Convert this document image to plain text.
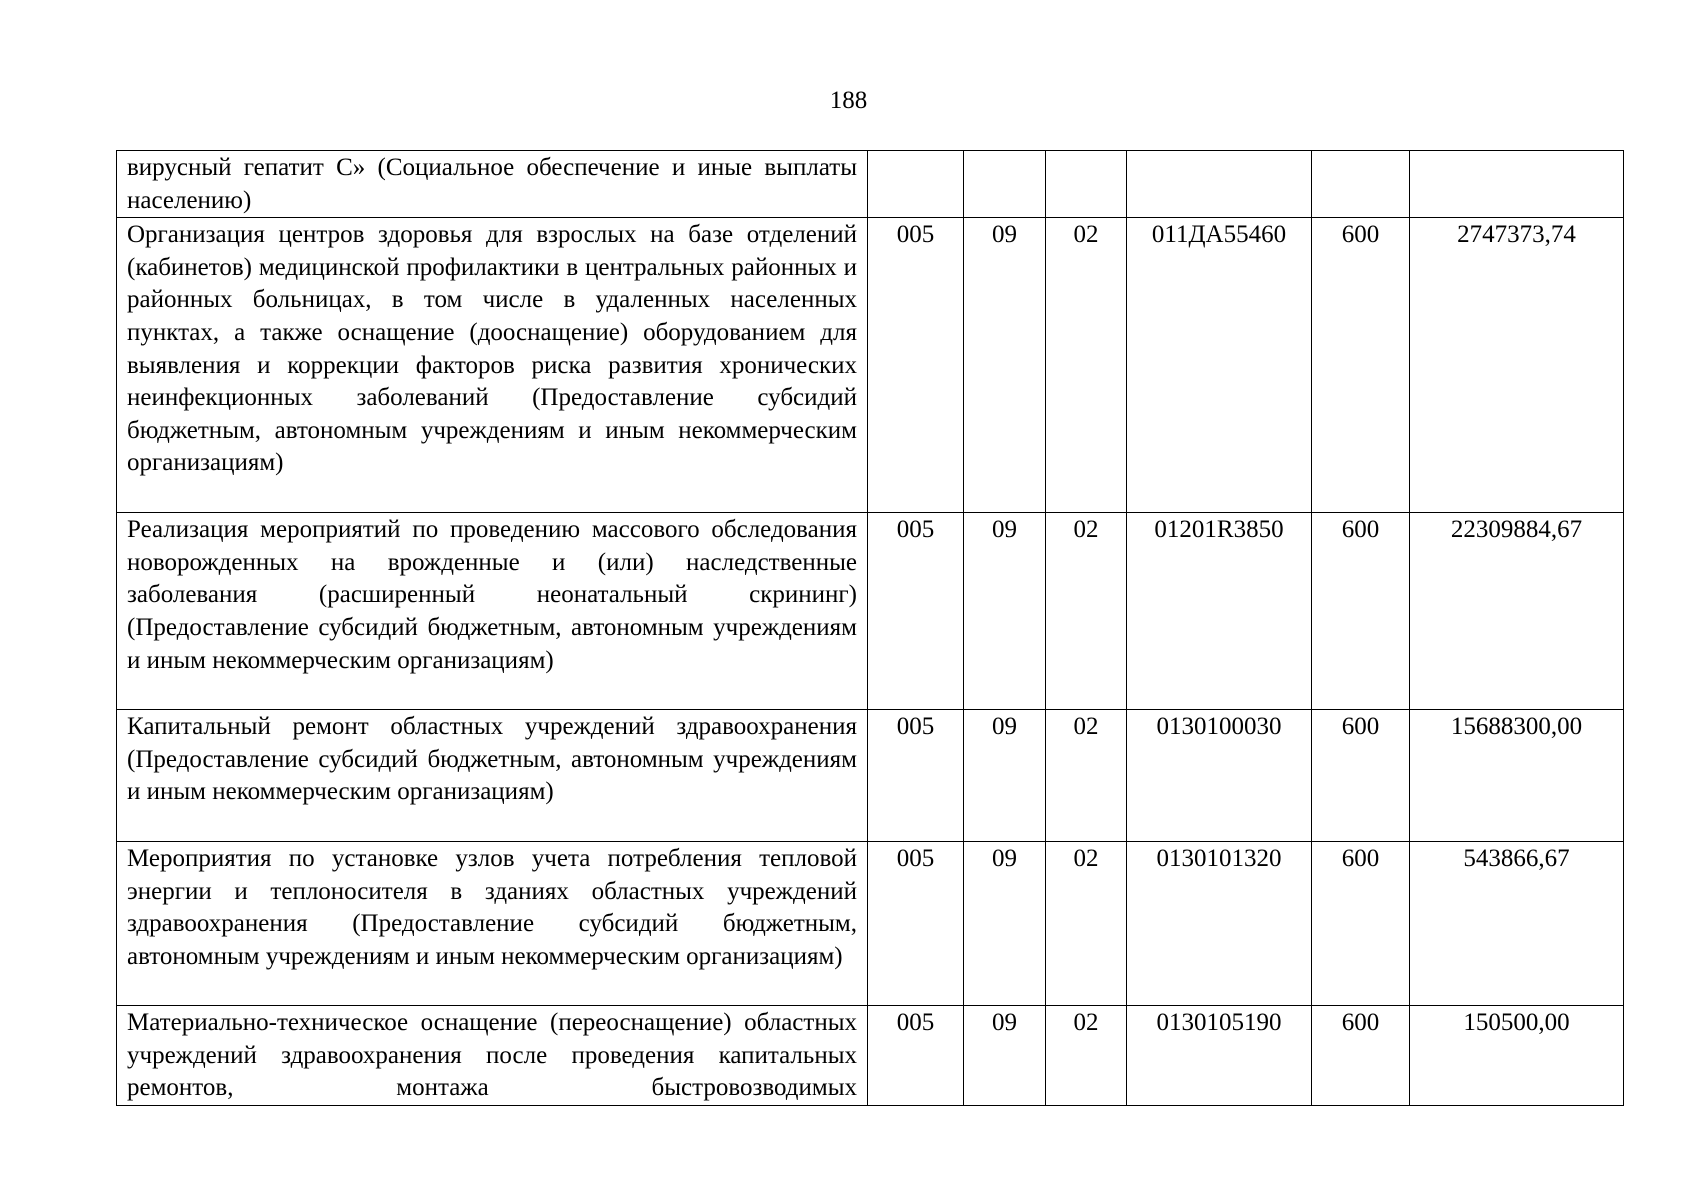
188
вирусный гепатит С» (Социальное обеспечение и иные выплаты населению)						
Организация центров здоровья для взрослых на базе отделений (кабинетов) медицинской профилактики в центральных районных и районных больницах, в том числе в удаленных населенных пунктах, а также оснащение (дооснащение) оборудованием для выявления и коррекции факторов риска развития хронических неинфекционных заболеваний (Предоставление субсидий бюджетным, автономным учреждениям и иным некоммерческим организациям)	005	09	02	011ДА55460	600	2747373,74
Реализация мероприятий по проведению массового обследования новорожденных на врожденные и (или) наследственные заболевания (расширенный неонатальный скрининг) (Предоставление субсидий бюджетным, автономным учреждениям и иным некоммерческим организациям)	005	09	02	01201R3850	600	22309884,67
Капитальный ремонт областных учреждений здравоохранения (Предоставление субсидий бюджетным, автономным учреждениям и иным некоммерческим организациям)	005	09	02	0130100030	600	15688300,00
Мероприятия по установке узлов учета потребления тепловой энергии и теплоносителя в зданиях областных учреждений здравоохранения (Предоставление субсидий бюджетным, автономным учреждениям и иным некоммерческим организациям)	005	09	02	0130101320	600	543866,67
Материально-техническое оснащение (переоснащение) областных учреждений здравоохранения после проведения капитальных ремонтов, монтажа быстровозводимых	005	09	02	0130105190	600	150500,00
